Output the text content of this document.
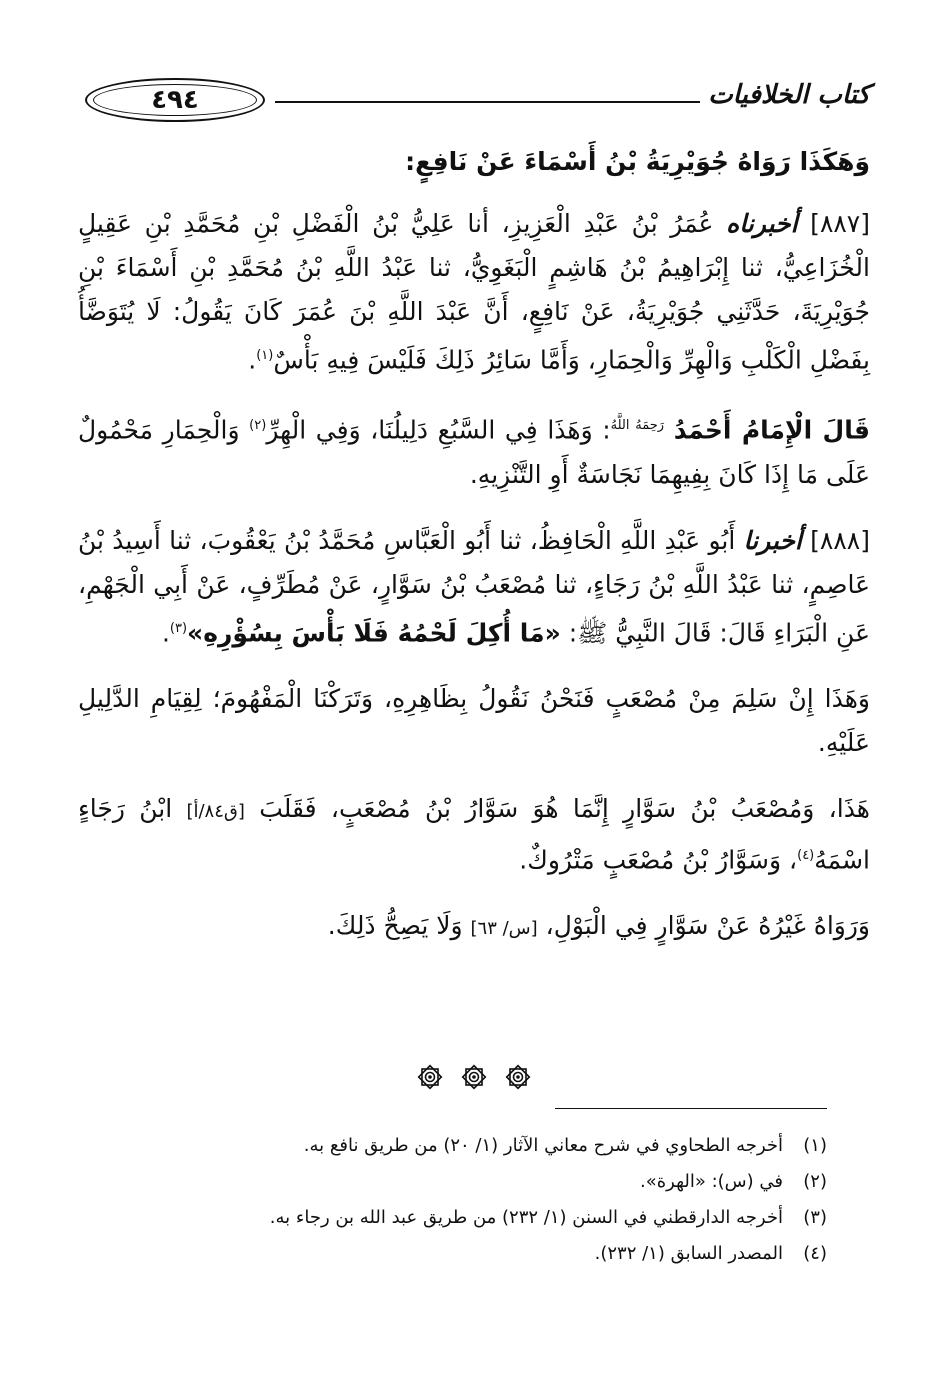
كتاب الخلافيات
٤٩٤

وَهَكَذَا رَوَاهُ جُوَيْرِيَةُ بْنُ أَسْمَاءَ عَنْ نَافِعٍ:

[٨٨٧] أخبرناه عُمَرُ بْنُ عَبْدِ الْعَزِيزِ، أنا عَلِيُّ بْنُ الْفَضْلِ بْنِ مُحَمَّدِ بْنِ عَقِيلٍ الْخُزَاعِيُّ، ثنا إِبْرَاهِيمُ بْنُ هَاشِمٍ الْبَغَوِيُّ، ثنا عَبْدُ اللَّهِ بْنُ مُحَمَّدِ بْنِ أَسْمَاءَ بْنِ جُوَيْرِيَةَ، حَدَّثَنِي جُوَيْرِيَةُ، عَنْ نَافِعٍ، أَنَّ عَبْدَ اللَّهِ بْنَ عُمَرَ كَانَ يَقُولُ: لَا يُتَوَضَّأُ بِفَضْلِ الْكَلْبِ وَالْهِرِّ وَالْحِمَارِ، وَأَمَّا سَائِرُ ذَلِكَ فَلَيْسَ فِيهِ بَأْسٌ$^{(١)}$.

قَالَ الْإِمَامُ أَحْمَدُ $^{رَحِمَهُ اللَّهُ}$: وَهَذَا فِي السَّبُعِ دَلِيلُنَا، وَفِي الْهِرِّ$^{(٢)}$ وَالْحِمَارِ مَحْمُولٌ عَلَى مَا إِذَا كَانَ بِفِيهِمَا نَجَاسَةٌ أَوِ التَّنْزِيهِ.

[٨٨٨] أخبرنا أَبُو عَبْدِ اللَّهِ الْحَافِظُ، ثنا أَبُو الْعَبَّاسِ مُحَمَّدُ بْنُ يَعْقُوبَ، ثنا أَسِيدُ بْنُ عَاصِمٍ، ثنا عَبْدُ اللَّهِ بْنُ رَجَاءٍ، ثنا مُصْعَبُ بْنُ سَوَّارٍ، عَنْ مُطَرِّفٍ، عَنْ أَبِي الْجَهْمِ، عَنِ الْبَرَاءِ قَالَ: قَالَ النَّبِيُّ ﷺ: «مَا أُكِلَ لَحْمُهُ فَلَا بَأْسَ بِسُؤْرِهِ»$^{(٣)}$.

وَهَذَا إِنْ سَلِمَ مِنْ مُصْعَبٍ فَنَحْنُ نَقُولُ بِظَاهِرِهِ، وَتَرَكْنَا الْمَفْهُومَ؛ لِقِيَامِ الدَّلِيلِ عَلَيْهِ.

هَذَا، وَمُصْعَبُ بْنُ سَوَّارٍ إِنَّمَا هُوَ سَوَّارُ بْنُ مُصْعَبٍ، فَقَلَبَ [ق٨٤/أ] ابْنُ رَجَاءٍ اسْمَهُ$^{(٤)}$، وَسَوَّارُ بْنُ مُصْعَبٍ مَتْرُوكٌ.

وَرَوَاهُ غَيْرُهُ عَنْ سَوَّارٍ فِي الْبَوْلِ، [س/ ٦٣] وَلَا يَصِحُّ ذَلِكَ.

(١)أخرجه الطحاوي في شرح معاني الآثار (١/ ٢٠) من طريق نافع به.
(٢)في (س): «الهرة».
(٣)أخرجه الدارقطني في السنن (١/ ٢٣٢) من طريق عبد الله بن رجاء به.
(٤)المصدر السابق (١/ ٢٣٢).
